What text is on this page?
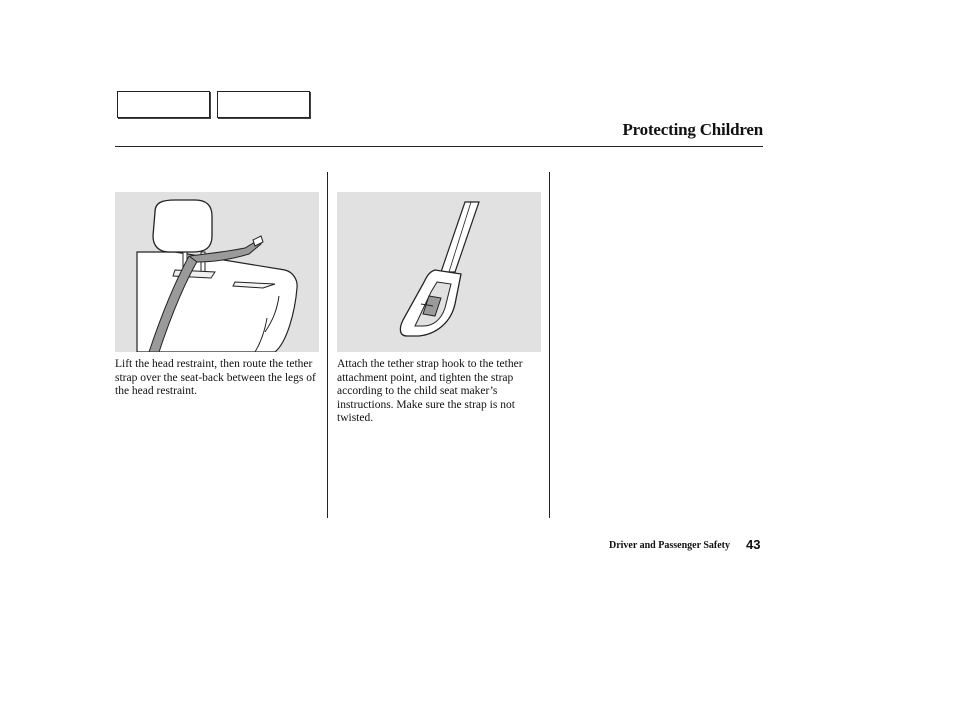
Protecting Children
Lift the head restraint, then route the tether strap over the seat-back between the legs of the head restraint.
Attach the tether strap hook to the tether attachment point, and tighten the strap according to the child seat maker’s instructions. Make sure the strap is not twisted.
Driver and Passenger Safety 43
